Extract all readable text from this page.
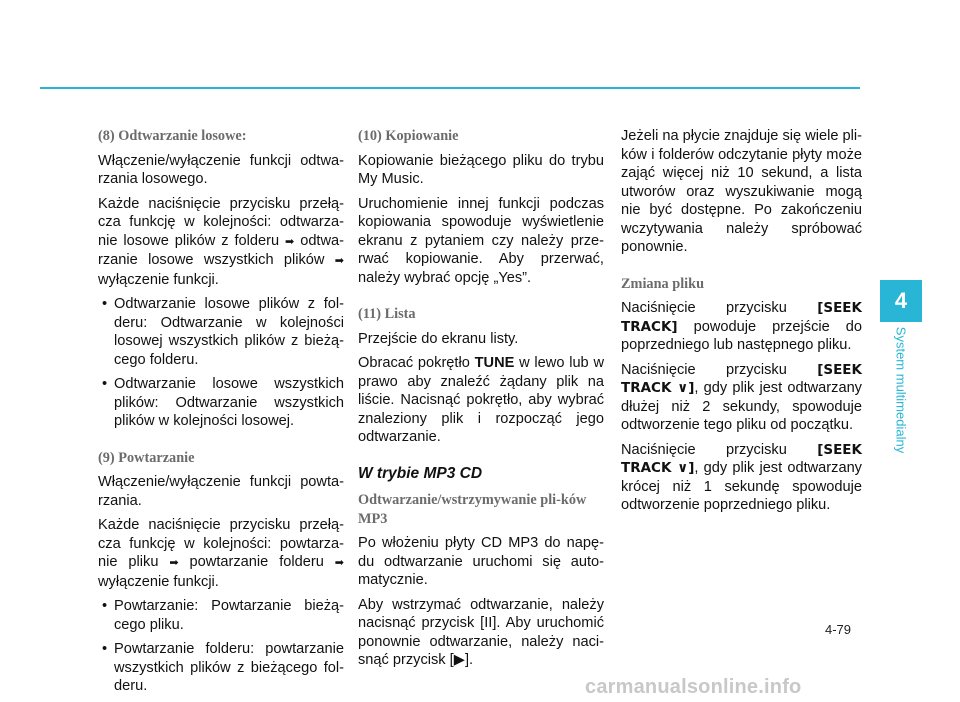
(8) Odtwarzanie losowe:

Włączenie/wyłączenie funkcji odtwa-rzania losowego.

Każde naciśnięcie przycisku przełą-cza funkcję w kolejności: odtwarza-nie losowe plików z folderu ➡ odtwa-rzanie losowe wszystkich plików ➡ wyłączenie funkcji.

• Odtwarzanie losowe plików z fol-deru: Odtwarzanie w kolejności losowej wszystkich plików z bieżą-cego folderu.
• Odtwarzanie losowe wszystkich plików: Odtwarzanie wszystkich plików w kolejności losowej.
(9) Powtarzanie

Włączenie/wyłączenie funkcji powta-rzania.

Każde naciśnięcie przycisku przełą-cza funkcję w kolejności: powtarza-nie pliku ➡ powtarzanie folderu ➡ wyłączenie funkcji.

• Powtarzanie: Powtarzanie bieżą-cego pliku.
• Powtarzanie folderu: powtarzanie wszystkich plików z bieżącego fol-deru.
(10) Kopiowanie

Kopiowanie bieżącego pliku do trybu My Music.

Uruchomienie innej funkcji podczas kopiowania spowoduje wyświetlenie ekranu z pytaniem czy należy prze-rwać kopiowanie. Aby przerwać, należy wybrać opcję „Yes”.

(11) Lista

Przejście do ekranu listy.

Obracać pokrętło TUNE w lewo lub w prawo aby znaleźć żądany plik na liście. Nacisnąć pokrętło, aby wybrać znaleziony plik i rozpocząć jego odtwarzanie.

W trybie MP3 CD
Odtwarzanie/wstrzymywanie pli-ków MP3

Po włożeniu płyty CD MP3 do napę-du odtwarzanie uruchomi się auto-matycznie.

Aby wstrzymać odtwarzanie, należy nacisnąć przycisk [II]. Aby uruchomić ponownie odtwarzanie, należy naci-snąć przycisk [▶].

Jeżeli na płycie znajduje się wiele pli-ków i folderów odczytanie płyty może zająć więcej niż 10 sekund, a lista utworów oraz wyszukiwanie mogą nie być dostępne. Po zakończeniu wczytywania należy spróbować ponownie.

Zmiana pliku

Naciśnięcie przycisku [SEEK TRACK] powoduje przejście do poprzedniego lub następnego pliku.

Naciśnięcie przycisku [SEEK TRACK ∨], gdy plik jest odtwarzany dłużej niż 2 sekundy, spowoduje odtworzenie tego pliku od początku.

Naciśnięcie przycisku [SEEK TRACK ∨], gdy plik jest odtwarzany krócej niż 1 sekundę spowoduje odtworzenie poprzedniego pliku.

4
System multimedialny
4-79
carmanualsonline.info
